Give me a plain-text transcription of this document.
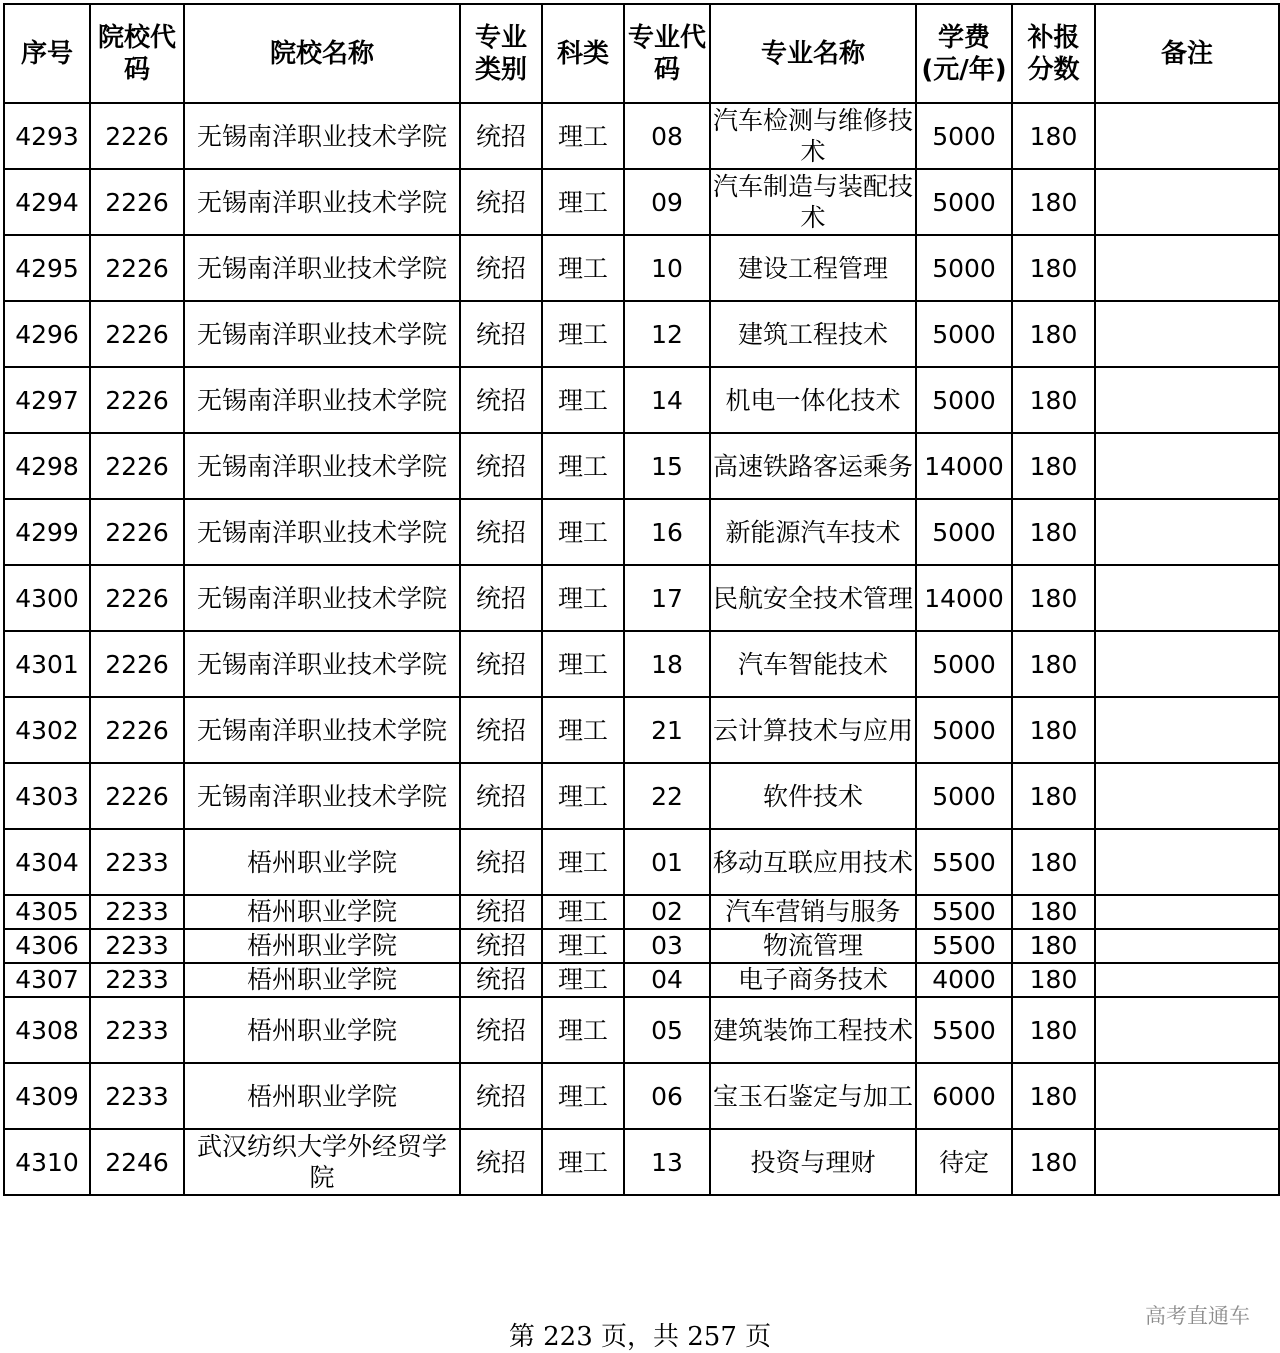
序号	院校代码	院校名称	专业类别	科类	专业代码	专业名称	学费(元/年)	补报分数	备注
4293	2226	无锡南洋职业技术学院	统招	理工	08	汽车检测与维修技术	5000	180	
4294	2226	无锡南洋职业技术学院	统招	理工	09	汽车制造与装配技术	5000	180	
4295	2226	无锡南洋职业技术学院	统招	理工	10	建设工程管理	5000	180	
4296	2226	无锡南洋职业技术学院	统招	理工	12	建筑工程技术	5000	180	
4297	2226	无锡南洋职业技术学院	统招	理工	14	机电一体化技术	5000	180	
4298	2226	无锡南洋职业技术学院	统招	理工	15	高速铁路客运乘务	14000	180	
4299	2226	无锡南洋职业技术学院	统招	理工	16	新能源汽车技术	5000	180	
4300	2226	无锡南洋职业技术学院	统招	理工	17	民航安全技术管理	14000	180	
4301	2226	无锡南洋职业技术学院	统招	理工	18	汽车智能技术	5000	180	
4302	2226	无锡南洋职业技术学院	统招	理工	21	云计算技术与应用	5000	180	
4303	2226	无锡南洋职业技术学院	统招	理工	22	软件技术	5000	180	
4304	2233	梧州职业学院	统招	理工	01	移动互联应用技术	5500	180	
4305	2233	梧州职业学院	统招	理工	02	汽车营销与服务	5500	180	
4306	2233	梧州职业学院	统招	理工	03	物流管理	5500	180	
4307	2233	梧州职业学院	统招	理工	04	电子商务技术	4000	180	
4308	2233	梧州职业学院	统招	理工	05	建筑装饰工程技术	5500	180	
4309	2233	梧州职业学院	统招	理工	06	宝玉石鉴定与加工	6000	180	
4310	2246	武汉纺织大学外经贸学院	统招	理工	13	投资与理财	待定	180	
第 223 页，共 257 页
高考直通车
